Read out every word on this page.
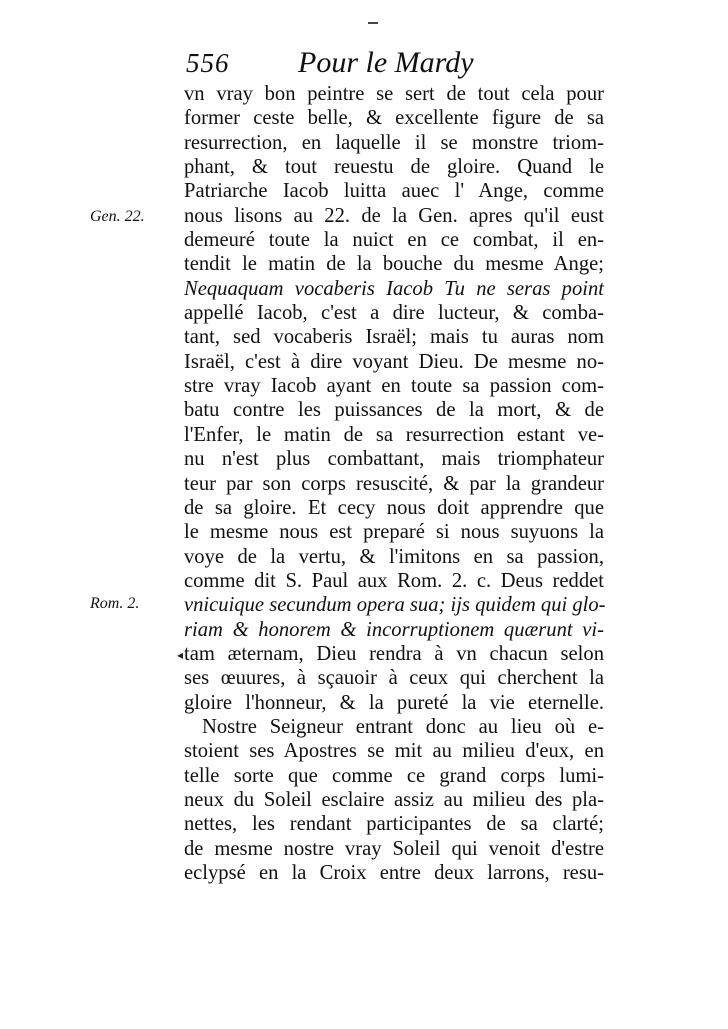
556 Pour le Mardy
Gen. 22.
Rom. 2.
◂
vn vray bon peintre se sert de tout cela pour
former ceste belle, & excellente figure de sa
resurrection, en laquelle il se monstre triom-
phant, & tout reuestu de gloire. Quand le
Patriarche Iacob luitta auec l' Ange, comme
nous lisons au 22. de la Gen. apres qu'il eust
demeuré toute la nuict en ce combat, il en-
tendit le matin de la bouche du mesme Ange;
Nequaquam vocaberis Iacob Tu ne seras point
appellé Iacob, c'est a dire lucteur, & comba-
tant, sed vocaberis Israël; mais tu auras nom
Israël, c'est à dire voyant Dieu. De mesme no-
stre vray Iacob ayant en toute sa passion com-
batu contre les puissances de la mort, & de
l'Enfer, le matin de sa resurrection estant ve-
nu n'est plus combattant, mais triomphateur
teur par son corps resuscité, & par la grandeur
de sa gloire. Et cecy nous doit apprendre que
le mesme nous est preparé si nous suyuons la
voye de la vertu, & l'imitons en sa passion,
comme dit S. Paul aux Rom. 2. c. Deus reddet
vnicuique secundum opera sua; ijs quidem qui glo-
riam & honorem & incorruptionem quærunt vi-
tam æternam, Dieu rendra à vn chacun selon
ses œuures, à sçauoir à ceux qui cherchent la
gloire l'honneur, & la pureté la vie eternelle.
Nostre Seigneur entrant donc au lieu où e-
stoient ses Apostres se mit au milieu d'eux, en
telle sorte que comme ce grand corps lumi-
neux du Soleil esclaire assiz au milieu des pla-
nettes, les rendant participantes de sa clarté;
de mesme nostre vray Soleil qui venoit d'estre
eclypsé en la Croix entre deux larrons, resu-
